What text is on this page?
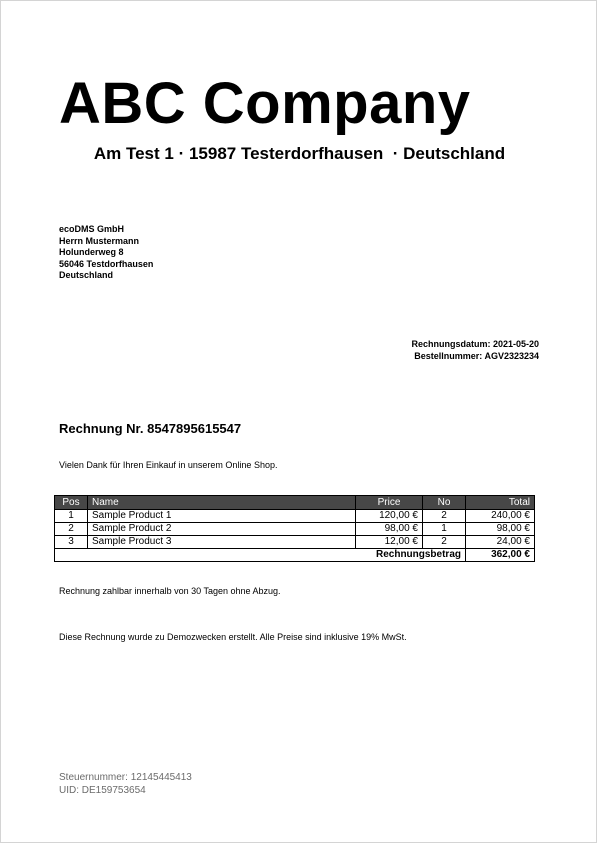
ABC Company
Am Test 1 · 15987 Testerdorfhausen  · Deutschland
ecoDMS GmbH
Herrn Mustermann
Holunderweg 8
56046 Testdorfhausen
Deutschland
Rechnungsdatum: 2021-05-20
Bestellnummer: AGV2323234
Rechnung Nr. 8547895615547
Vielen Dank für Ihren Einkauf in unserem Online Shop.
Pos	Name	Price	No	Total
1	Sample Product 1	120,00 €	2	240,00 €
2	Sample Product 2	98,00 €	1	98,00 €
3	Sample Product 3	12,00 €	2	24,00 €
Rechnungsbetrag				362,00 €
Rechnung zahlbar innerhalb von 30 Tagen ohne Abzug.
Diese Rechnung wurde zu Demozwecken erstellt. Alle Preise sind inklusive 19% MwSt.
Steuernummer: 12145445413
UID: DE159753654
